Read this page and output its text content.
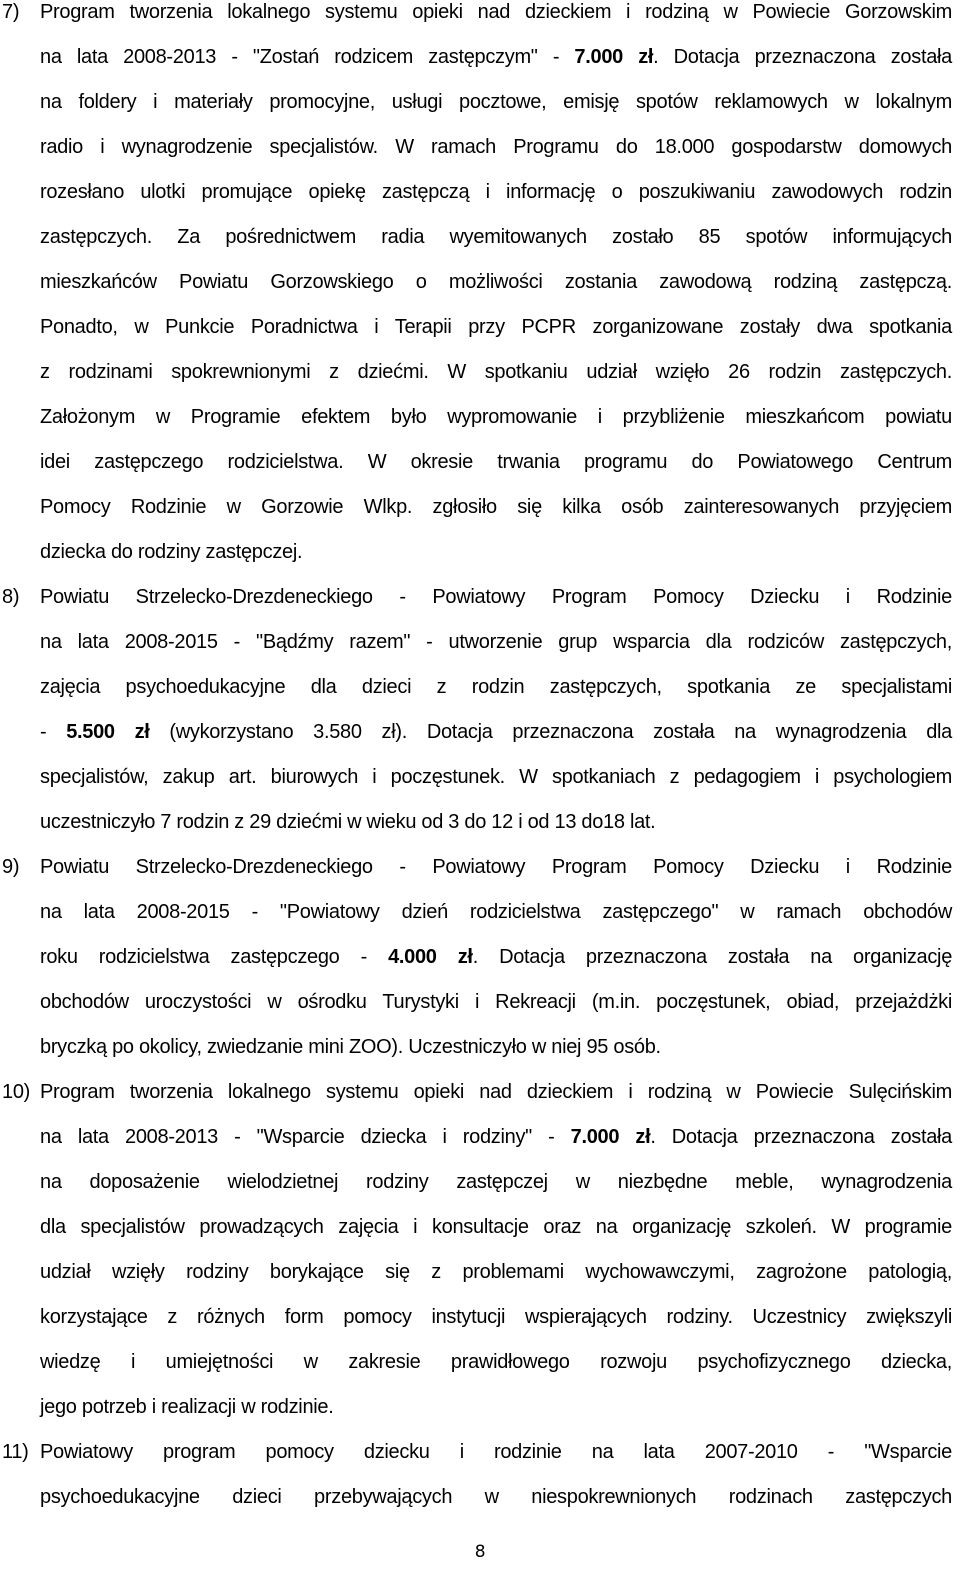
7)	Program tworzenia lokalnego systemu opieki nad dzieckiem i rodziną w Powiecie Gorzowskim
na lata 2008-2013 - "Zostań rodzicem zastępczym" - 7.000 zł. Dotacja przeznaczona została
na foldery i materiały promocyjne, usługi pocztowe, emisję spotów reklamowych w lokalnym
radio i wynagrodzenie specjalistów. W ramach Programu do 18.000 gospodarstw domowych
rozesłano ulotki promujące opiekę zastępczą i informację o poszukiwaniu zawodowych rodzin
zastępczych. Za pośrednictwem radia wyemitowanych zostało 85 spotów informujących
mieszkańców Powiatu Gorzowskiego o możliwości zostania zawodową rodziną zastępczą.
Ponadto, w Punkcie Poradnictwa i Terapii przy PCPR zorganizowane zostały dwa spotkania
z rodzinami spokrewnionymi z dziećmi. W spotkaniu udział wzięło 26 rodzin zastępczych.
Założonym w Programie efektem było wypromowanie i przybliżenie mieszkańcom powiatu
idei zastępczego rodzicielstwa. W okresie trwania programu do Powiatowego Centrum
Pomocy Rodzinie w Gorzowie Wlkp. zgłosiło się kilka osób zainteresowanych przyjęciem
dziecka do rodziny zastępczej.
8)	Powiatu Strzelecko-Drezdeneckiego - Powiatowy Program Pomocy Dziecku i Rodzinie
na lata 2008-2015 - "Bądźmy razem" - utworzenie grup wsparcia dla rodziców zastępczych,
zajęcia psychoedukacyjne dla dzieci z rodzin zastępczych, spotkania ze specjalistami
- 5.500 zł (wykorzystano 3.580 zł). Dotacja przeznaczona została na wynagrodzenia dla
specjalistów, zakup art. biurowych i poczęstunek. W spotkaniach z pedagogiem i psychologiem
uczestniczyło 7 rodzin z 29 dziećmi w wieku od 3 do 12 i od 13 do18 lat.
9)	Powiatu Strzelecko-Drezdeneckiego - Powiatowy Program Pomocy Dziecku i Rodzinie
na lata 2008-2015 - "Powiatowy dzień rodzicielstwa zastępczego" w ramach obchodów
roku rodzicielstwa zastępczego - 4.000 zł. Dotacja przeznaczona została na organizację
obchodów uroczystości w ośrodku Turystyki i Rekreacji (m.in. poczęstunek, obiad, przejażdżki
bryczką po okolicy, zwiedzanie mini ZOO). Uczestniczyło w niej 95 osób.
10) Program tworzenia lokalnego systemu opieki nad dzieckiem i rodziną w Powiecie Sulęcińskim
na lata 2008-2013 - "Wsparcie dziecka i rodziny" - 7.000 zł. Dotacja przeznaczona została
na doposażenie wielodzietnej rodziny zastępczej w niezbędne meble, wynagrodzenia
dla specjalistów prowadzących zajęcia i konsultacje oraz na organizację szkoleń. W programie
udział wzięły rodziny borykające się z problemami wychowawczymi, zagrożone patologią,
korzystające z różnych form pomocy instytucji wspierających rodziny. Uczestnicy zwiększyli
wiedzę i umiejętności w zakresie prawidłowego rozwoju psychofizycznego dziecka,
jego potrzeb i realizacji w rodzinie.
11) Powiatowy program pomocy dziecku i rodzinie na lata 2007-2010 - "Wsparcie
psychoedukacyjne dzieci przebywających w niespokrewnionych rodzinach zastępczych
8
